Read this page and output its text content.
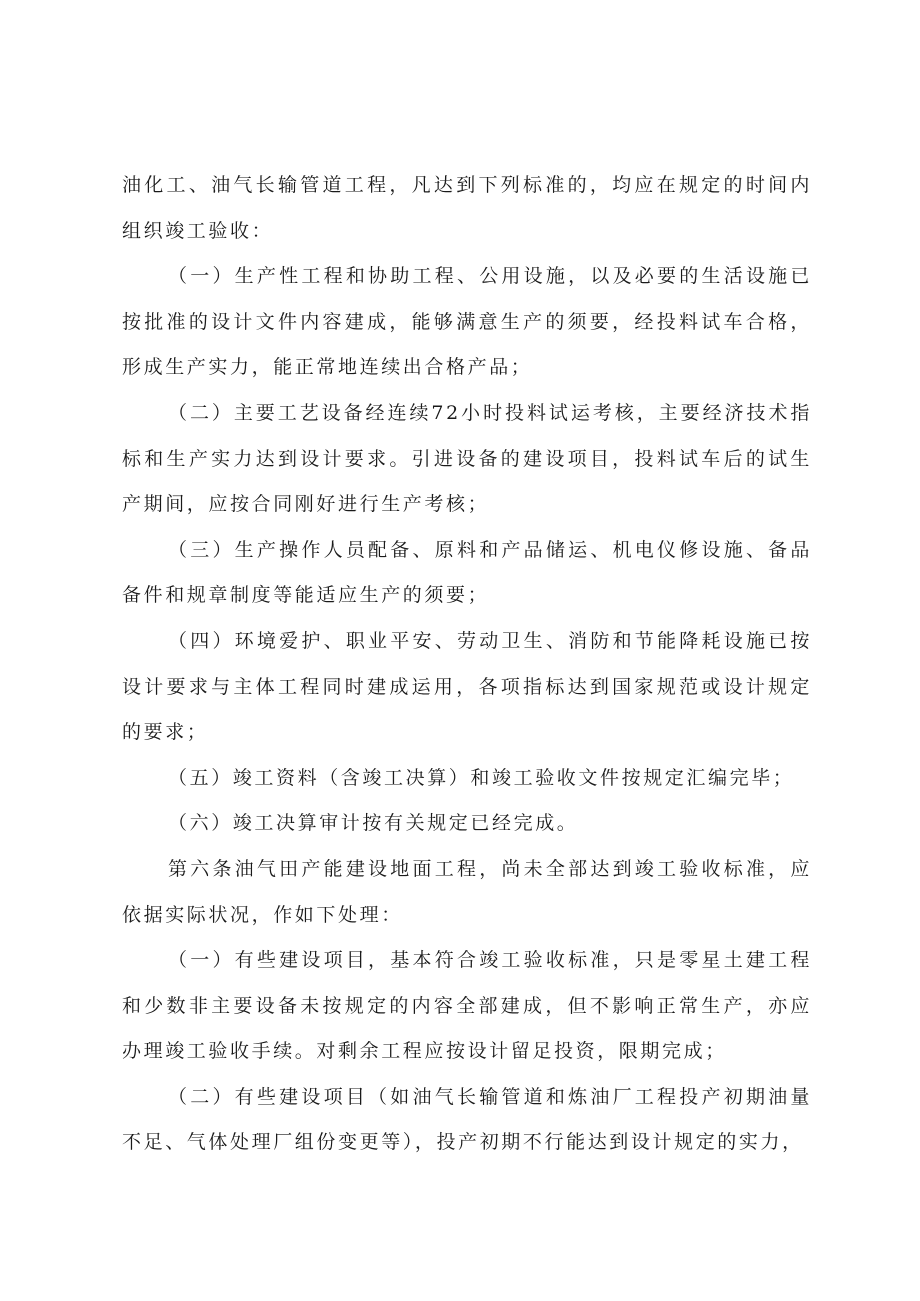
油化工、油气长输管道工程，凡达到下列标准的，均应在规定的时间内组织竣工验收：

（一）生产性工程和协助工程、公用设施，以及必要的生活设施已按批准的设计文件内容建成，能够满意生产的须要，经投料试车合格，形成生产实力，能正常地连续出合格产品；

（二）主要工艺设备经连续72小时投料试运考核，主要经济技术指标和生产实力达到设计要求。引进设备的建设项目，投料试车后的试生产期间，应按合同刚好进行生产考核；

（三）生产操作人员配备、原料和产品储运、机电仪修设施、备品备件和规章制度等能适应生产的须要；

（四）环境爱护、职业平安、劳动卫生、消防和节能降耗设施已按设计要求与主体工程同时建成运用，各项指标达到国家规范或设计规定的要求；

（五）竣工资料（含竣工决算）和竣工验收文件按规定汇编完毕；

（六）竣工决算审计按有关规定已经完成。

第六条油气田产能建设地面工程，尚未全部达到竣工验收标准，应依据实际状况，作如下处理：

（一）有些建设项目，基本符合竣工验收标准，只是零星土建工程和少数非主要设备未按规定的内容全部建成，但不影响正常生产，亦应办理竣工验收手续。对剩余工程应按设计留足投资，限期完成；

（二）有些建设项目（如油气长输管道和炼油厂工程投产初期油量不足、气体处理厂组份变更等），投产初期不行能达到设计规定的实力，
